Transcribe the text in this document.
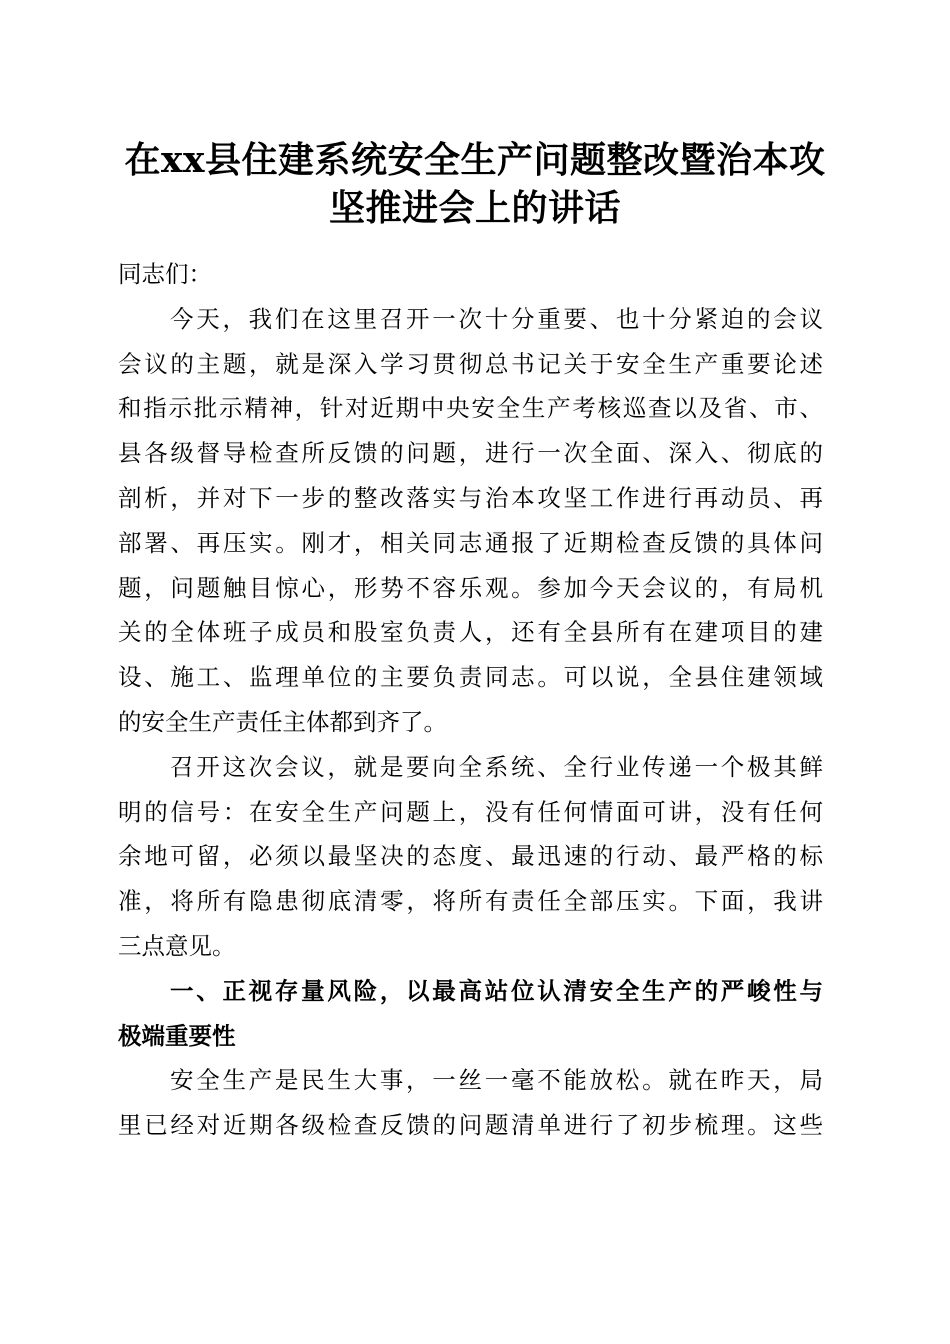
在xx县住建系统安全生产问题整改暨治本攻
坚推进会上的讲话

同志们：

今天，我们在这里召开一次十分重要、也十分紧迫的会议
会议的主题，就是深入学习贯彻总书记关于安全生产重要论述
和指示批示精神，针对近期中央安全生产考核巡查以及省、市、
县各级督导检查所反馈的问题，进行一次全面、深入、彻底的
剖析，并对下一步的整改落实与治本攻坚工作进行再动员、再
部署、再压实。刚才，相关同志通报了近期检查反馈的具体问
题，问题触目惊心，形势不容乐观。参加今天会议的，有局机
关的全体班子成员和股室负责人，还有全县所有在建项目的建
设、施工、监理单位的主要负责同志。可以说，全县住建领域
的安全生产责任主体都到齐了。

召开这次会议，就是要向全系统、全行业传递一个极其鲜
明的信号：在安全生产问题上，没有任何情面可讲，没有任何
余地可留，必须以最坚决的态度、最迅速的行动、最严格的标
准，将所有隐患彻底清零，将所有责任全部压实。下面，我讲
三点意见。

一、正视存量风险，以最高站位认清安全生产的严峻性与
极端重要性

安全生产是民生大事，一丝一毫不能放松。就在昨天，局
里已经对近期各级检查反馈的问题清单进行了初步梳理。这些
